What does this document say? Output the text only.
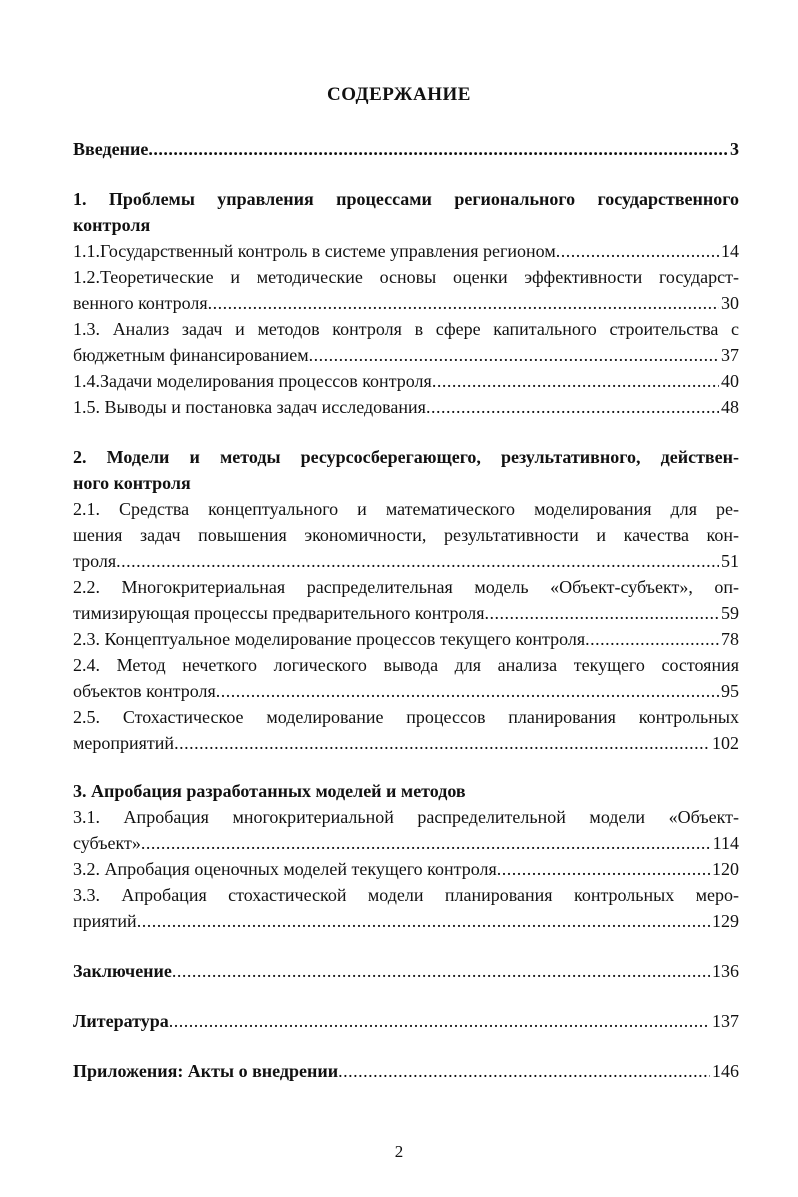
СОДЕРЖАНИЕ
Введение .....	3
1. Проблемы управления процессами регионального государственного
контроля
1.1.Государственный контроль в системе управления регионом .....	14
1.2.Теоретические и методические основы оценки эффективности государст-
венного контроля .....	30
1.3. Анализ задач и методов контроля в сфере капитального строительства с
бюджетным финансированием .....	37
1.4.Задачи моделирования процессов контроля .....	40
1.5. Выводы и постановка задач исследования .....	48
2. Модели и методы ресурсосберегающего, результативного, действен-
ного контроля
2.1. Средства концептуального и математического моделирования для ре-
шения задач повышения экономичности, результативности и качества кон-
троля .....	51
2.2. Многокритериальная распределительная модель «Объект-субъект», оп-
тимизирующая процессы предварительного контроля .....	59
2.3. Концептуальное моделирование процессов текущего контроля .....	78
2.4. Метод нечеткого логического вывода для анализа текущего состояния
объектов контроля .....	95
2.5. Стохастическое моделирование процессов планирования контрольных
мероприятий .....	102
3. Апробация разработанных моделей и методов
3.1. Апробация многокритериальной распределительной модели «Объект-
субъект» .....	114
3.2. Апробация оценочных моделей текущего контроля .....	120
3.3. Апробация стохастической модели планирования контрольных меро-
приятий .....	129
Заключение .....	136
Литература .....	137
Приложения: Акты о внедрении .....	146
2
